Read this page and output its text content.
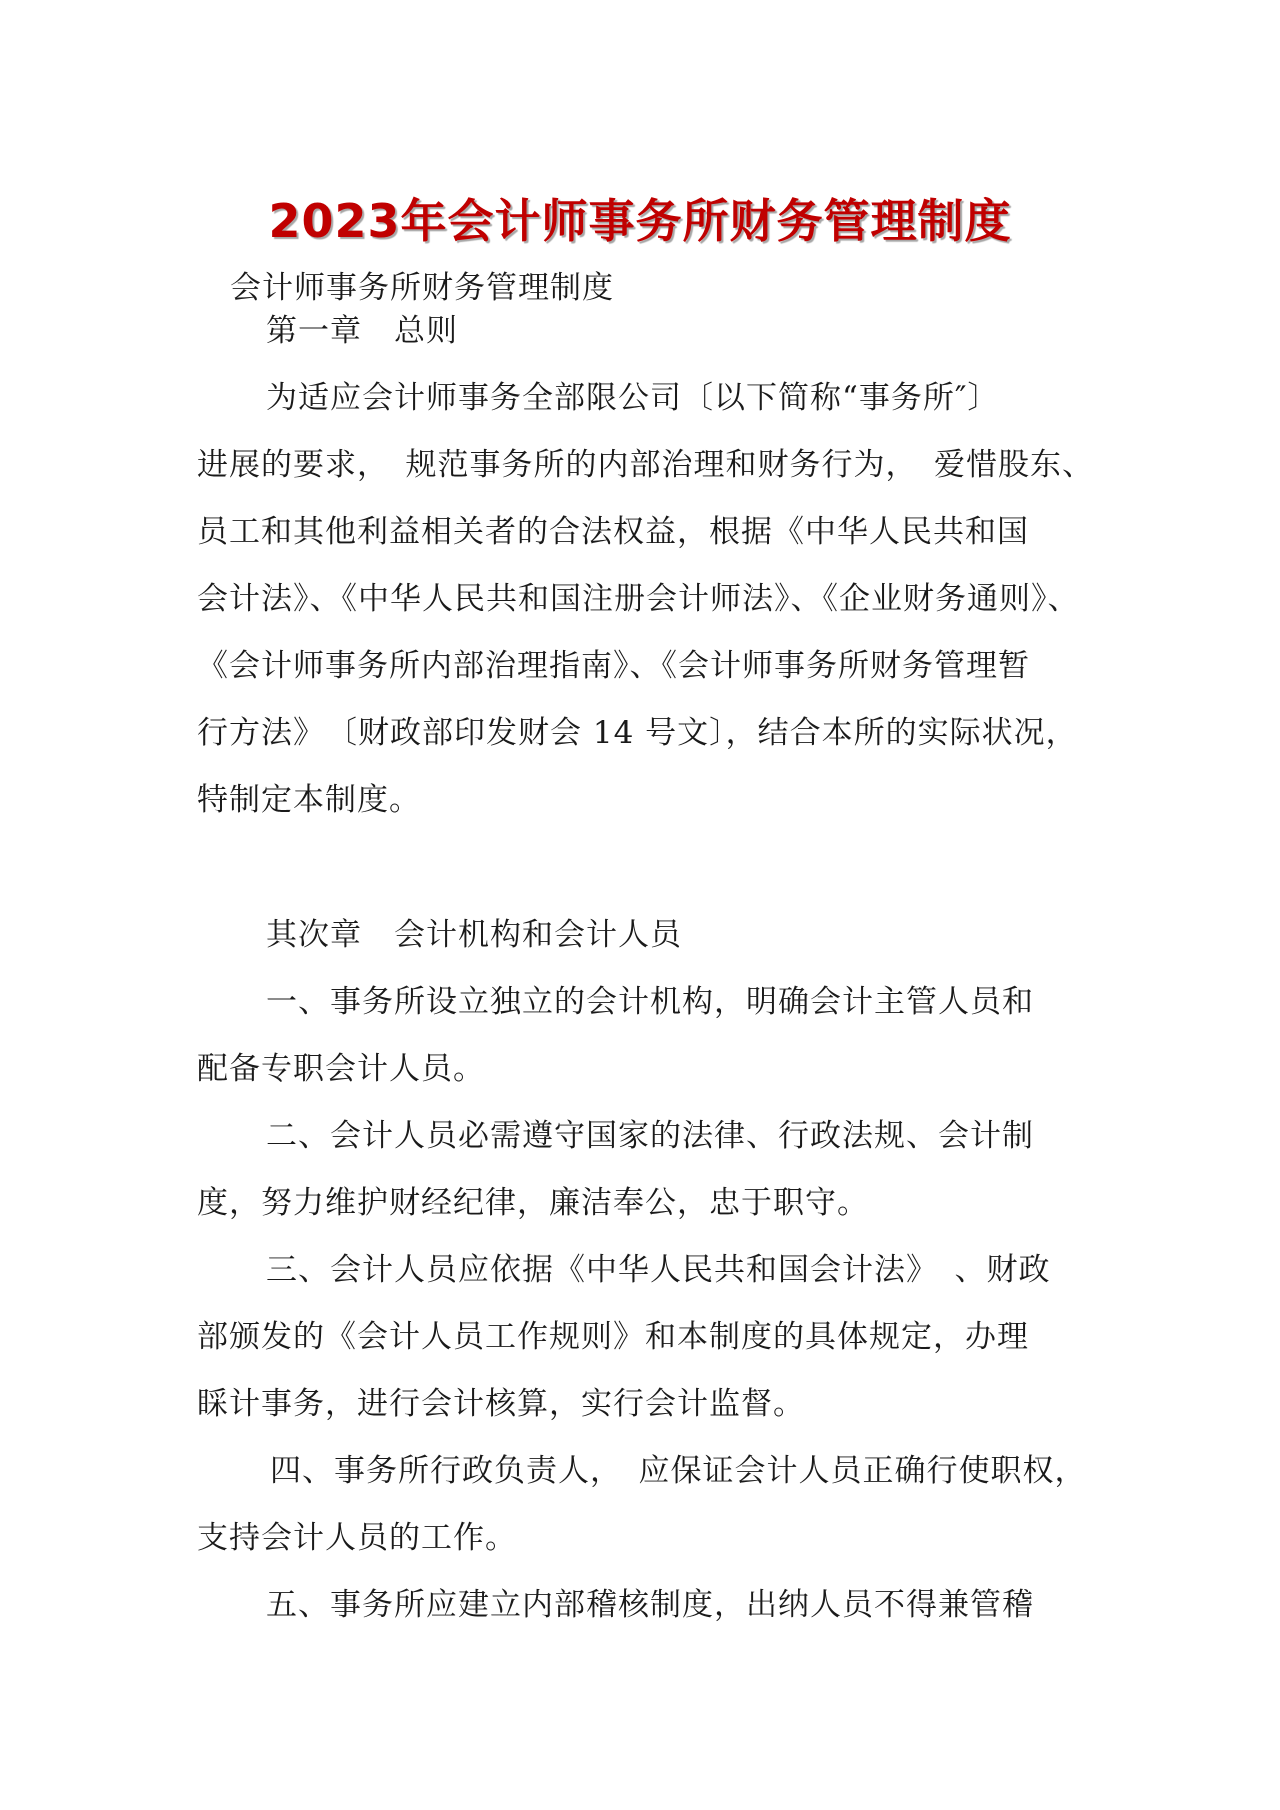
2023年会计师事务所财务管理制度
会计师事务所财务管理制度
第一章　总则
为适应会计师事务全部限公司〔以下简称“事务所″〕
进展的要求，　规范事务所的内部治理和财务行为，　爱惜股东、
员工和其他利益相关者的合法权益，根据《中华人民共和国
会计法》、《中华人民共和国注册会计师法》、《企业财务通则》、
《会计师事务所内部治理指南》、《会计师事务所财务管理暂
行方法》　〔财政部印发财会 14 号文〕，结合本所的实际状况，
特制定本制度。
其次章　会计机构和会计人员
一、事务所设立独立的会计机构，明确会计主管人员和
配备专职会计人员。
二、会计人员必需遵守国家的法律、行政法规、会计制
度，努力维护财经纪律，廉洁奉公，忠于职守。
三、会计人员应依据《中华人民共和国会计法》　、财政
部颁发的《会计人员工作规则》和本制度的具体规定，办理
睬计事务，进行会计核算，实行会计监督。
四、事务所行政负责人，　应保证会计人员正确行使职权，
支持会计人员的工作。
五、事务所应建立内部稽核制度，出纳人员不得兼管稽
